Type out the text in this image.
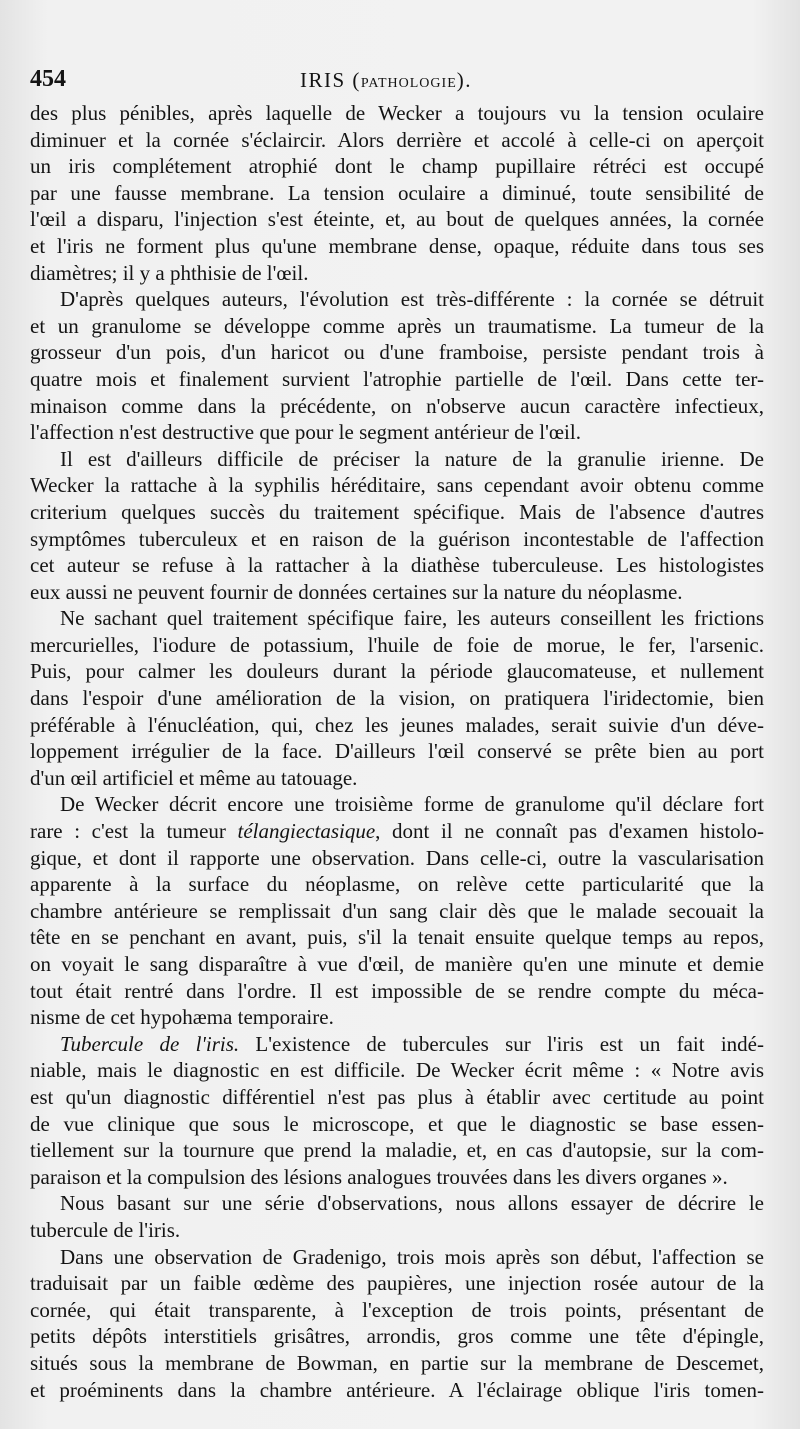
454	IRIS (PATHOLOGIE).

des plus pénibles, après laquelle de Wecker a toujours vu la tension oculaire

diminuer et la cornée s'éclaircir. Alors derrière et accolé à celle-ci on aperçoit

un iris complétement atrophié dont le champ pupillaire rétréci est occupé

par une fausse membrane. La tension oculaire a diminué, toute sensibilité de

l'œil a disparu, l'injection s'est éteinte, et, au bout de quelques années, la cornée

et l'iris ne forment plus qu'une membrane dense, opaque, réduite dans tous ses

diamètres; il y a phthisie de l'œil.

D'après quelques auteurs, l'évolution est très-différente : la cornée se détruit

et un granulome se développe comme après un traumatisme. La tumeur de la

grosseur d'un pois, d'un haricot ou d'une framboise, persiste pendant trois à

quatre mois et finalement survient l'atrophie partielle de l'œil. Dans cette ter-

minaison comme dans la précédente, on n'observe aucun caractère infectieux,

l'affection n'est destructive que pour le segment antérieur de l'œil.

Il est d'ailleurs difficile de préciser la nature de la granulie irienne. De

Wecker la rattache à la syphilis héréditaire, sans cependant avoir obtenu comme

criterium quelques succès du traitement spécifique. Mais de l'absence d'autres

symptômes tuberculeux et en raison de la guérison incontestable de l'affection

cet auteur se refuse à la rattacher à la diathèse tuberculeuse. Les histologistes

eux aussi ne peuvent fournir de données certaines sur la nature du néoplasme.

Ne sachant quel traitement spécifique faire, les auteurs conseillent les frictions

mercurielles, l'iodure de potassium, l'huile de foie de morue, le fer, l'arsenic.

Puis, pour calmer les douleurs durant la période glaucomateuse, et nullement

dans l'espoir d'une amélioration de la vision, on pratiquera l'iridectomie, bien

préférable à l'énucléation, qui, chez les jeunes malades, serait suivie d'un déve-

loppement irrégulier de la face. D'ailleurs l'œil conservé se prête bien au port

d'un œil artificiel et même au tatouage.

De Wecker décrit encore une troisième forme de granulome qu'il déclare fort

rare : c'est la tumeur télangiectasique, dont il ne connaît pas d'examen histolo-

gique, et dont il rapporte une observation. Dans celle-ci, outre la vascularisation

apparente à la surface du néoplasme, on relève cette particularité que la

chambre antérieure se remplissait d'un sang clair dès que le malade secouait la

tête en se penchant en avant, puis, s'il la tenait ensuite quelque temps au repos,

on voyait le sang disparaître à vue d'œil, de manière qu'en une minute et demie

tout était rentré dans l'ordre. Il est impossible de se rendre compte du méca-

nisme de cet hypohæma temporaire.

Tubercule de l'iris. L'existence de tubercules sur l'iris est un fait indé-

niable, mais le diagnostic en est difficile. De Wecker écrit même : « Notre avis

est qu'un diagnostic différentiel n'est pas plus à établir avec certitude au point

de vue clinique que sous le microscope, et que le diagnostic se base essen-

tiellement sur la tournure que prend la maladie, et, en cas d'autopsie, sur la com-

paraison et la compulsion des lésions analogues trouvées dans les divers organes ».

Nous basant sur une série d'observations, nous allons essayer de décrire le

tubercule de l'iris.

Dans une observation de Gradenigo, trois mois après son début, l'affection se

traduisait par un faible œdème des paupières, une injection rosée autour de la

cornée, qui était transparente, à l'exception de trois points, présentant de

petits dépôts interstitiels grisâtres, arrondis, gros comme une tête d'épingle,

situés sous la membrane de Bowman, en partie sur la membrane de Descemet,

et proéminents dans la chambre antérieure. A l'éclairage oblique l'iris tomen-
